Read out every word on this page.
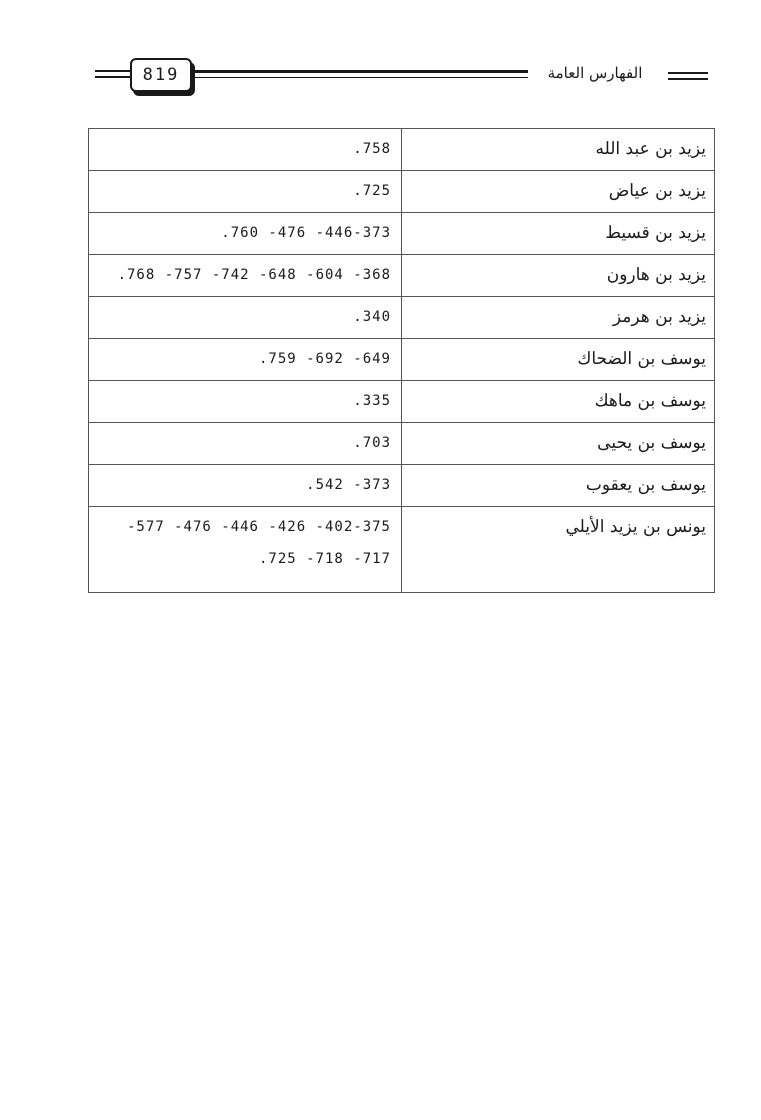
819	الفهارس العامة
يزيد بن عبد الله	.758

يزيد بن عياض	.725

يزيد بن قسيط	.760 -476 -446-373

يزيد بن هارون	.768 -757 -742 -648 -604 -368

يزيد بن هرمز	.340

يوسف بن الضحاك	.759 -692 -649

يوسف بن ماهك	.335

يوسف بن يحيى	.703

يوسف بن يعقوب	.542 -373

يونس بن يزيد الأيلي	-577 -476 -446 -426 -402-375
.725 -718 -717
